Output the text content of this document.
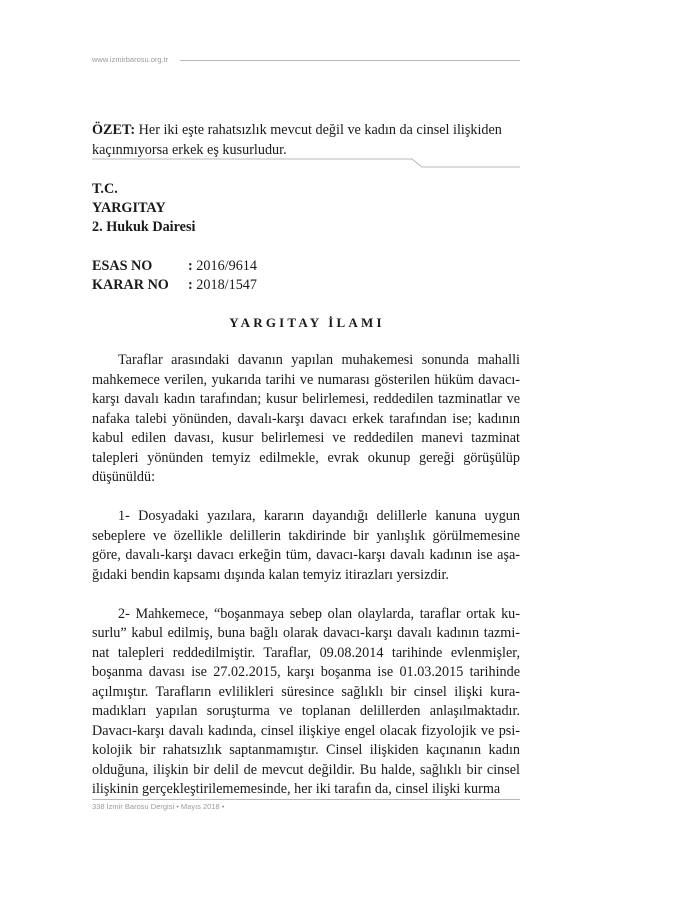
www.izmirbarosu.org.tr
ÖZET: Her iki eşte rahatsızlık mevcut değil ve kadın da cinsel ilişkiden kaçınmıyorsa erkek eş kusurludur.
T.C.
YARGITAY
2. Hukuk Dairesi
ESAS NO	: 2016/9614
KARAR NO : 2018/1547
YARGITAY İLAMI

Taraflar arasındaki davanın yapılan muhakemesi sonunda mahalli mahkemece verilen, yukarıda tarihi ve numarası gösterilen hüküm davacı-karşı davalı kadın tarafından; kusur belirlemesi, reddedilen tazminatlar ve nafaka talebi yönünden, davalı-karşı davacı erkek tarafından ise; kadının kabul edilen davası, kusur belirlemesi ve reddedilen manevi tazminat talepleri yönünden temyiz edilmekle, evrak okunup gereği görüşülüp düşünüldü:

1- Dosyadaki yazılara, kararın dayandığı delillerle kanuna uygun sebeplere ve özellikle delillerin takdirinde bir yanlışlık görülmemesine göre, davalı-karşı davacı erkeğin tüm, davacı-karşı davalı kadının ise aşağıdaki bendin kapsamı dışında kalan temyiz itirazları yersizdir.

2- Mahkemece, “boşanmaya sebep olan olaylarda, taraflar ortak kusurlu” kabul edilmiş, buna bağlı olarak davacı-karşı davalı kadının tazminat talepleri reddedilmiştir. Taraflar, 09.08.2014 tarihinde evlenmişler, boşanma davası ise 27.02.2015, karşı boşanma ise 01.03.2015 tarihinde açılmıştır. Tarafların evlilikleri süresince sağlıklı bir cinsel ilişki kuramadıkları yapılan soruşturma ve toplanan delillerden anlaşılmaktadır. Davacı-karşı davalı kadında, cinsel ilişkiye engel olacak fizyolojik ve psikolojik bir rahatsızlık saptanmamıştır. Cinsel ilişkiden kaçınanın kadın olduğuna, ilişkin bir delil de mevcut değildir. Bu halde, sağlıklı bir cinsel ilişkinin gerçekleştirilememesinde, her iki tarafın da, cinsel ilişki kurma

338 İzmir Barosu Dergisi • Mayıs 2018 •
